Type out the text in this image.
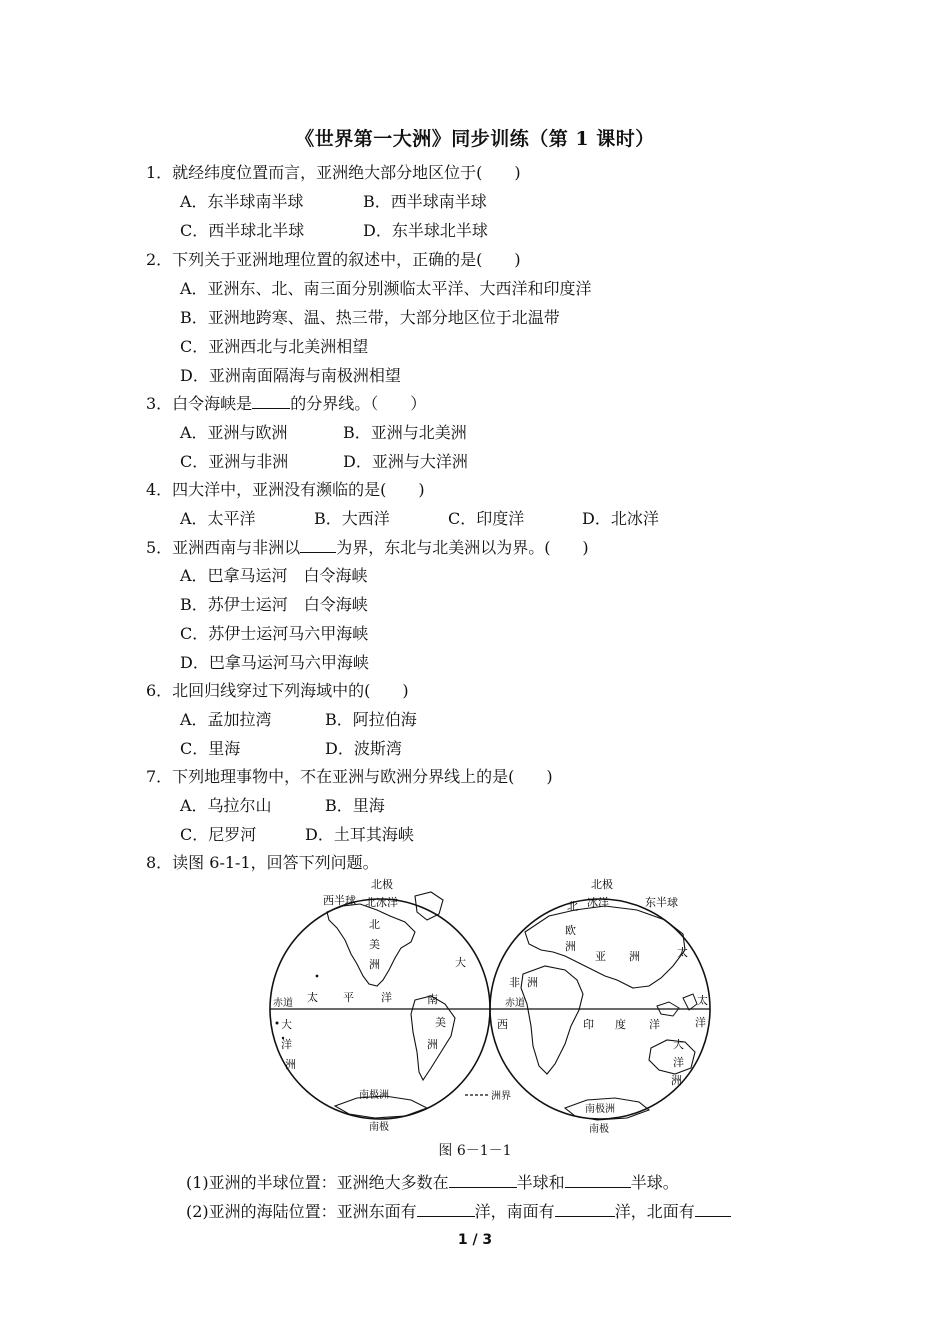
《世界第一大洲》同步训练（第 1 课时）
1．就经纬度位置而言，亚洲绝大部分地区位于(　　)
A．东半球南半球	B．西半球南半球
C．西半球北半球	D．东半球北半球
2．下列关于亚洲地理位置的叙述中，正确的是(　　)
A．亚洲东、北、南三面分别濒临太平洋、大西洋和印度洋
B．亚洲地跨寒、温、热三带，大部分地区位于北温带
C．亚洲西北与北美洲相望
D．亚洲南面隔海与南极洲相望
3．白令海峡是 的分界线。（　　）
A．亚洲与欧洲	B．亚洲与北美洲
C．亚洲与非洲	D．亚洲与大洋洲
4．四大洋中，亚洲没有濒临的是(　　)
A．太平洋	B．大西洋	C．印度洋	D．北冰洋
5．亚洲西南与非洲以 为界，东北与北美洲以为界。(　　)
A．巴拿马运河　白令海峡
B．苏伊士运河　白令海峡
C．苏伊士运河马六甲海峡
D．巴拿马运河马六甲海峡
6．北回归线穿过下列海域中的(　　)
A．孟加拉湾	B．阿拉伯海
C．里海	D．波斯湾
7．下列地理事物中，不在亚洲与欧洲分界线上的是(　　)
A．乌拉尔山	B．里海
C．尼罗河	D．土耳其海峡
8．读图 6-1-1，回答下列问题。
西半球
北极
北冰洋
北
美
洲	大
赤道 太 平 洋	南
美
洲
大
洋
洲
南极洲
南极
洲界
北极
东半球
北 冰洋
欧
洲
亚 洲	太
非 洲
赤道
西	印 度 洋
太
洋
大
洋
洲
南极洲
南极
图 6－1－1
(1)亚洲的半球位置：亚洲绝大多数在	半球和	半球。
(2)亚洲的海陆位置：亚洲东面有	洋，南面有	洋，北面有
1 / 3
